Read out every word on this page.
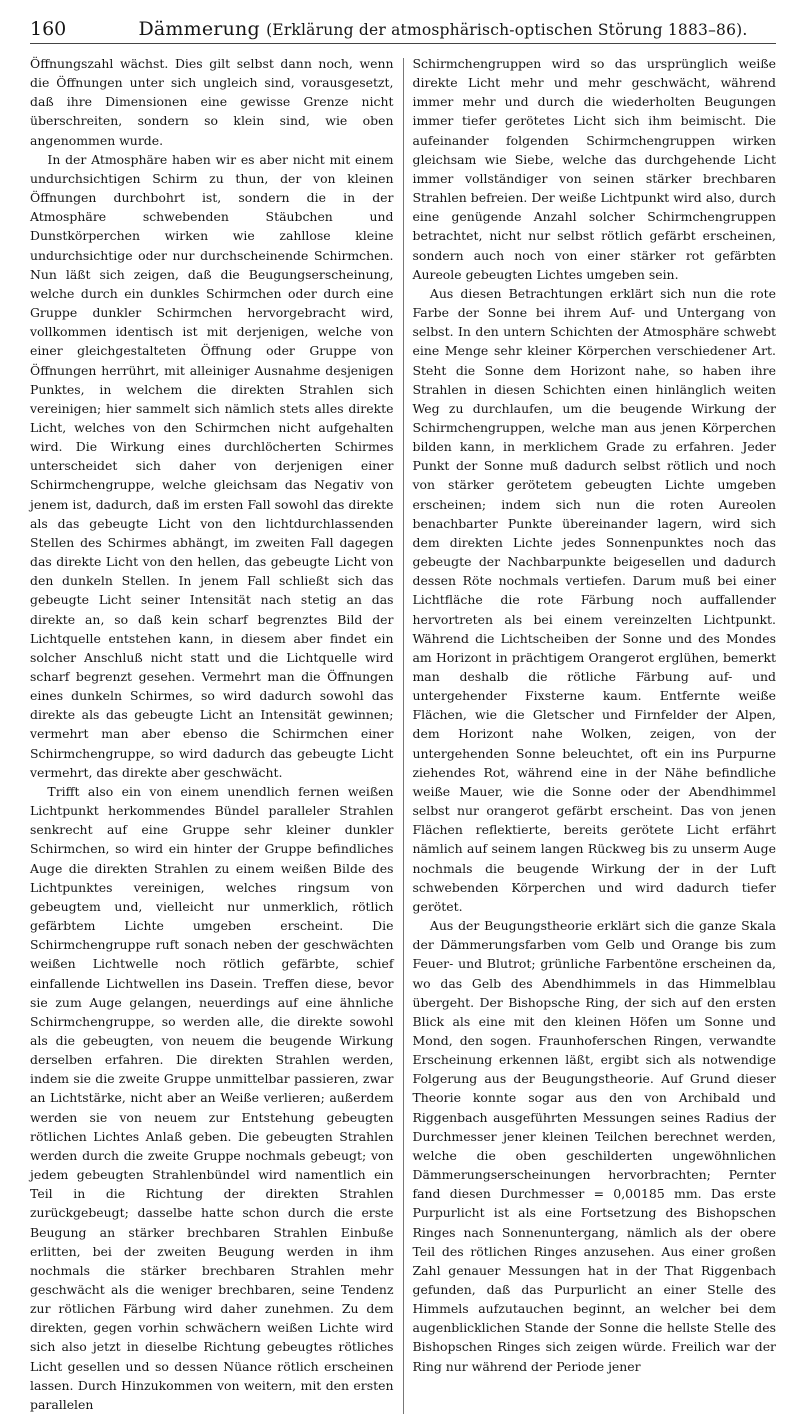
160	Dämmerung (Erklärung der atmosphärisch-optischen Störung 1883–86).

Öffnungszahl wächst. Dies gilt selbst dann noch, wenn die Öffnungen unter sich ungleich sind, vorausgesetzt, daß ihre Dimensionen eine gewisse Grenze nicht überschreiten, sondern so klein sind, wie oben angenommen wurde.

In der Atmosphäre haben wir es aber nicht mit einem undurchsichtigen Schirm zu thun, der von kleinen Öffnungen durchbohrt ist, sondern die in der Atmosphäre schwebenden Stäubchen und Dunstkörperchen wirken wie zahllose kleine undurchsichtige oder nur durchscheinende Schirmchen. Nun läßt sich zeigen, daß die Beugungserscheinung, welche durch ein dunkles Schirmchen oder durch eine Gruppe dunkler Schirmchen hervorgebracht wird, vollkommen identisch ist mit derjenigen, welche von einer gleichgestalteten Öffnung oder Gruppe von Öffnungen herrührt, mit alleiniger Ausnahme desjenigen Punktes, in welchem die direkten Strahlen sich vereinigen; hier sammelt sich nämlich stets alles direkte Licht, welches von den Schirmchen nicht aufgehalten wird. Die Wirkung eines durchlöcherten Schirmes unterscheidet sich daher von derjenigen einer Schirmchengruppe, welche gleichsam das Negativ von jenem ist, dadurch, daß im ersten Fall sowohl das direkte als das gebeugte Licht von den lichtdurchlassenden Stellen des Schirmes abhängt, im zweiten Fall dagegen das direkte Licht von den hellen, das gebeugte Licht von den dunkeln Stellen. In jenem Fall schließt sich das gebeugte Licht seiner Intensität nach stetig an das direkte an, so daß kein scharf begrenztes Bild der Lichtquelle entstehen kann, in diesem aber findet ein solcher Anschluß nicht statt und die Lichtquelle wird scharf begrenzt gesehen. Vermehrt man die Öffnungen eines dunkeln Schirmes, so wird dadurch sowohl das direkte als das gebeugte Licht an Intensität gewinnen; vermehrt man aber ebenso die Schirmchen einer Schirmchengruppe, so wird dadurch das gebeugte Licht vermehrt, das direkte aber geschwächt.

Trifft also ein von einem unendlich fernen weißen Lichtpunkt herkommendes Bündel paralleler Strahlen senkrecht auf eine Gruppe sehr kleiner dunkler Schirmchen, so wird ein hinter der Gruppe befindliches Auge die direkten Strahlen zu einem weißen Bilde des Lichtpunktes vereinigen, welches ringsum von gebeugtem und, vielleicht nur unmerklich, rötlich gefärbtem Lichte umgeben erscheint. Die Schirmchengruppe ruft sonach neben der geschwächten weißen Lichtwelle noch rötlich gefärbte, schief einfallende Lichtwellen ins Dasein. Treffen diese, bevor sie zum Auge gelangen, neuerdings auf eine ähnliche Schirmchengruppe, so werden alle, die direkte sowohl als die gebeugten, von neuem die beugende Wirkung derselben erfahren. Die direkten Strahlen werden, indem sie die zweite Gruppe unmittelbar passieren, zwar an Lichtstärke, nicht aber an Weiße verlieren; außerdem werden sie von neuem zur Entstehung gebeugten rötlichen Lichtes Anlaß geben. Die gebeugten Strahlen werden durch die zweite Gruppe nochmals gebeugt; von jedem gebeugten Strahlenbündel wird namentlich ein Teil in die Richtung der direkten Strahlen zurückgebeugt; dasselbe hatte schon durch die erste Beugung an stärker brechbaren Strahlen Einbuße erlitten, bei der zweiten Beugung werden in ihm nochmals die stärker brechbaren Strahlen mehr geschwächt als die weniger brechbaren, seine Tendenz zur rötlichen Färbung wird daher zunehmen. Zu dem direkten, gegen vorhin schwächern weißen Lichte wird sich also jetzt in dieselbe Richtung gebeugtes rötliches Licht gesellen und so dessen Nüance rötlich erscheinen lassen. Durch Hinzukommen von weitern, mit den ersten parallelen

Schirmchengruppen wird so das ursprünglich weiße direkte Licht mehr und mehr geschwächt, während immer mehr und durch die wiederholten Beugungen immer tiefer gerötetes Licht sich ihm beimischt. Die aufeinander folgenden Schirmchengruppen wirken gleichsam wie Siebe, welche das durchgehende Licht immer vollständiger von seinen stärker brechbaren Strahlen befreien. Der weiße Lichtpunkt wird also, durch eine genügende Anzahl solcher Schirmchengruppen betrachtet, nicht nur selbst rötlich gefärbt erscheinen, sondern auch noch von einer stärker rot gefärbten Aureole gebeugten Lichtes umgeben sein.

Aus diesen Betrachtungen erklärt sich nun die rote Farbe der Sonne bei ihrem Auf- und Untergang von selbst. In den untern Schichten der Atmosphäre schwebt eine Menge sehr kleiner Körperchen verschiedener Art. Steht die Sonne dem Horizont nahe, so haben ihre Strahlen in diesen Schichten einen hinlänglich weiten Weg zu durchlaufen, um die beugende Wirkung der Schirmchengruppen, welche man aus jenen Körperchen bilden kann, in merklichem Grade zu erfahren. Jeder Punkt der Sonne muß dadurch selbst rötlich und noch von stärker gerötetem gebeugten Lichte umgeben erscheinen; indem sich nun die roten Aureolen benachbarter Punkte übereinander lagern, wird sich dem direkten Lichte jedes Sonnenpunktes noch das gebeugte der Nachbarpunkte beigesellen und dadurch dessen Röte nochmals vertiefen. Darum muß bei einer Lichtfläche die rote Färbung noch auffallender hervortreten als bei einem vereinzelten Lichtpunkt. Während die Lichtscheiben der Sonne und des Mondes am Horizont in prächtigem Orangerot erglühen, bemerkt man deshalb die rötliche Färbung auf- und untergehender Fixsterne kaum. Entfernte weiße Flächen, wie die Gletscher und Firnfelder der Alpen, dem Horizont nahe Wolken, zeigen, von der untergehenden Sonne beleuchtet, oft ein ins Purpurne ziehendes Rot, während eine in der Nähe befindliche weiße Mauer, wie die Sonne oder der Abendhimmel selbst nur orangerot gefärbt erscheint. Das von jenen Flächen reflektierte, bereits gerötete Licht erfährt nämlich auf seinem langen Rückweg bis zu unserm Auge nochmals die beugende Wirkung der in der Luft schwebenden Körperchen und wird dadurch tiefer gerötet.

Aus der Beugungstheorie erklärt sich die ganze Skala der Dämmerungsfarben vom Gelb und Orange bis zum Feuer- und Blutrot; grünliche Farbentöne erscheinen da, wo das Gelb des Abendhimmels in das Himmelblau übergeht. Der Bishopsche Ring, der sich auf den ersten Blick als eine mit den kleinen Höfen um Sonne und Mond, den sogen. Fraunhoferschen Ringen, verwandte Erscheinung erkennen läßt, ergibt sich als notwendige Folgerung aus der Beugungstheorie. Auf Grund dieser Theorie konnte sogar aus den von Archibald und Riggenbach ausgeführten Messungen seines Radius der Durchmesser jener kleinen Teilchen berechnet werden, welche die oben geschilderten ungewöhnlichen Dämmerungserscheinungen hervorbrachten; Pernter fand diesen Durchmesser = 0,00185 mm. Das erste Purpurlicht ist als eine Fortsetzung des Bishopschen Ringes nach Sonnenuntergang, nämlich als der obere Teil des rötlichen Ringes anzusehen. Aus einer großen Zahl genauer Messungen hat in der That Riggenbach gefunden, daß das Purpurlicht an einer Stelle des Himmels aufzutauchen beginnt, an welcher bei dem augenblicklichen Stande der Sonne die hellste Stelle des Bishopschen Ringes sich zeigen würde. Freilich war der Ring nur während der Periode jener
